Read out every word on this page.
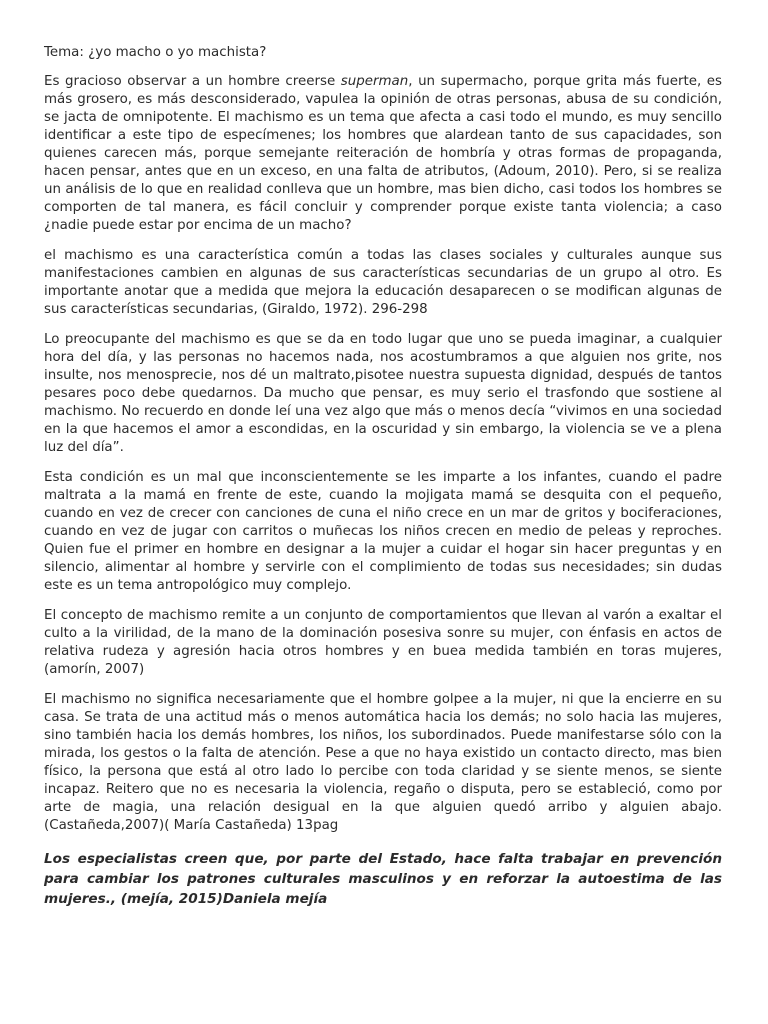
Tema: ¿yo macho o yo machista?

Es gracioso observar a un hombre creerse superman, un supermacho, porque grita más fuerte, es más grosero, es más desconsiderado, vapulea la opinión de otras personas, abusa de su condición, se jacta de omnipotente. El machismo es un tema que afecta a casi todo el mundo, es muy sencillo identificar a este tipo de especímenes; los hombres que alardean tanto de sus capacidades, son quienes carecen más, porque semejante reiteración de hombría y otras formas de propaganda, hacen pensar, antes que en un exceso, en una falta de atributos, (Adoum, 2010). Pero, si se realiza un análisis de lo que en realidad conlleva que un hombre, mas bien dicho, casi todos los hombres se comporten de tal manera, es fácil concluir y comprender porque existe tanta violencia; a caso ¿nadie puede estar por encima de un macho?

el machismo es una característica común a todas las clases sociales y culturales aunque sus manifestaciones cambien en algunas de sus características secundarias de un grupo al otro. Es importante anotar que a medida que mejora la educación desaparecen o se modifican algunas de sus características secundarias, (Giraldo, 1972). 296-298

Lo preocupante del machismo es que se da en todo lugar que uno se pueda imaginar, a cualquier hora del día, y las personas no hacemos nada, nos acostumbramos a que alguien nos grite, nos insulte, nos menosprecie, nos dé un maltrato,pisotee nuestra supuesta dignidad, después de tantos pesares poco debe quedarnos. Da mucho que pensar, es muy serio el trasfondo que sostiene al machismo. No recuerdo en donde leí una vez algo que más o menos decía “vivimos en una sociedad en la que hacemos el amor a escondidas, en la oscuridad y sin embargo, la violencia se ve a plena luz del día”.

Esta condición es un mal que inconscientemente se les imparte a los infantes, cuando el padre maltrata a la mamá en frente de este, cuando la mojigata mamá se desquita con el pequeño, cuando en vez de crecer con canciones de cuna el niño crece en un mar de gritos y bociferaciones, cuando en vez de jugar con carritos o muñecas los niños crecen en medio de peleas y reproches. Quien fue el primer en hombre en designar a la mujer a cuidar el hogar sin hacer preguntas y en silencio, alimentar al hombre y servirle con el complimiento de todas sus necesidades; sin dudas este es un tema antropológico muy complejo.

El concepto de machismo remite a un conjunto de comportamientos que llevan al varón a exaltar el culto a la virilidad, de la mano de la dominación posesiva sonre su mujer, con énfasis en actos de relativa rudeza y agresión hacia otros hombres y en buea medida también en toras mujeres, (amorín, 2007)

El machismo no significa necesariamente que el hombre golpee a la mujer, ni que la encierre en su casa. Se trata de una actitud más o menos automática hacia los demás; no solo hacia las mujeres, sino también hacia los demás hombres, los niños, los subordinados. Puede manifestarse sólo con la mirada, los gestos o la falta de atención. Pese a que no haya existido un contacto directo, mas bien físico, la persona que está al otro lado lo percibe con toda claridad y se siente menos, se siente incapaz. Reitero que no es necesaria la violencia, regaño o disputa, pero se estableció, como por arte de magia, una relación desigual en la que alguien quedó arribo y alguien abajo. (Castañeda,2007)( María Castañeda) 13pag

Los especialistas creen que, por parte del Estado, hace falta trabajar en prevención para cambiar los patrones culturales masculinos y en reforzar la autoestima de las mujeres., (mejía, 2015)Daniela mejía
